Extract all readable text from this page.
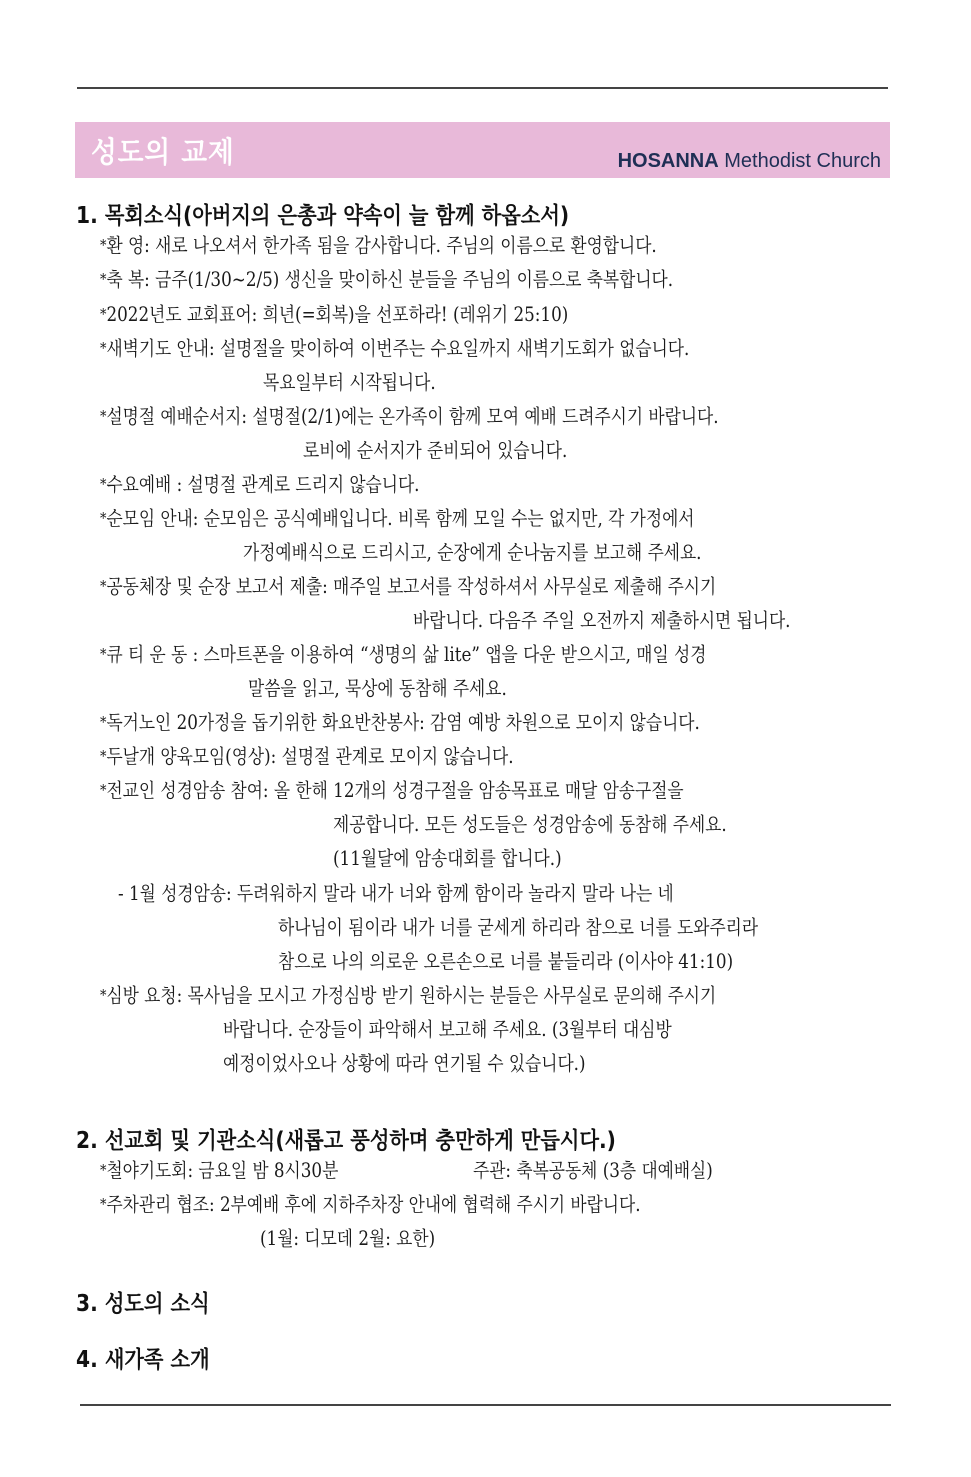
성도의 교제	HOSANNA Methodist Church
1. 목회소식(아버지의 은총과 약속이 늘 함께 하옵소서)
*환 영: 새로 나오셔서 한가족 됨을 감사합니다. 주님의 이름으로 환영합니다.
*축 복: 금주(1/30~2/5) 생신을 맞이하신 분들을 주님의 이름으로 축복합니다.
*2022년도 교회표어: 희년(=회복)을 선포하라! (레위기 25:10)
*새벽기도 안내: 설명절을 맞이하여 이번주는 수요일까지 새벽기도회가 없습니다.
목요일부터 시작됩니다.
*설명절 예배순서지: 설명절(2/1)에는 온가족이 함께 모여 예배 드려주시기 바랍니다.
로비에 순서지가 준비되어 있습니다.
*수요예배 : 설명절 관계로 드리지 않습니다.
*순모임 안내: 순모임은 공식예배입니다. 비록 함께 모일 수는 없지만, 각 가정에서
가정예배식으로 드리시고, 순장에게 순나눔지를 보고해 주세요.
*공동체장 및 순장 보고서 제출: 매주일 보고서를 작성하셔서 사무실로 제출해 주시기
바랍니다. 다음주 주일 오전까지 제출하시면 됩니다.
*큐 티 운 동 : 스마트폰을 이용하여 “생명의 삶 lite” 앱을 다운 받으시고, 매일 성경
말씀을 읽고, 묵상에 동참해 주세요.
*독거노인 20가정을 돕기위한 화요반찬봉사: 감염 예방 차원으로 모이지 않습니다.
*두날개 양육모임(영상): 설명절 관계로 모이지 않습니다.
*전교인 성경암송 참여: 올 한해 12개의 성경구절을 암송목표로 매달 암송구절을
제공합니다. 모든 성도들은 성경암송에 동참해 주세요.
(11월달에 암송대회를 합니다.)
- 1월 성경암송: 두려워하지 말라 내가 너와 함께 함이라 놀라지 말라 나는 네
하나님이 됨이라 내가 너를 굳세게 하리라 참으로 너를 도와주리라
참으로 나의 의로운 오른손으로 너를 붙들리라 (이사야 41:10)
*심방 요청: 목사님을 모시고 가정심방 받기 원하시는 분들은 사무실로 문의해 주시기
바랍니다. 순장들이 파악해서 보고해 주세요. (3월부터 대심방
예정이었사오나 상황에 따라 연기될 수 있습니다.)
2. 선교회 및 기관소식(새롭고 풍성하며 충만하게 만듭시다.)
*철야기도회: 금요일 밤 8시30분	주관: 축복공동체 (3층 대예배실)
*주차관리 협조: 2부예배 후에 지하주차장 안내에 협력해 주시기 바랍니다.
(1월: 디모데 2월: 요한)
3. 성도의 소식
4. 새가족 소개
